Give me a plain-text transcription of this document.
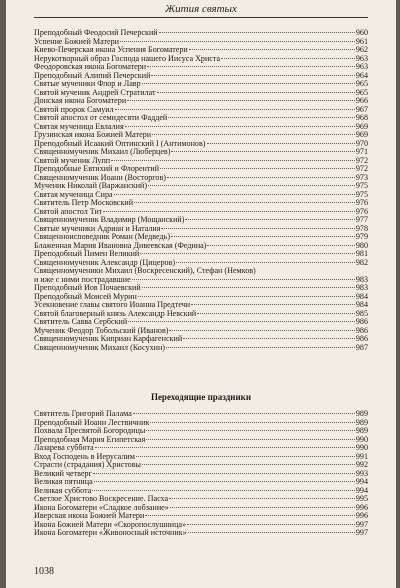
Жития святых
Преподобный Феодосий Печерский	960
Успение Божией Матери	961
Киево-Печерская икона Успения Богоматери	962
Нерукотворный образ Господа нашего Иисуса Христа	963
Феодоровская икона Богоматери	963
Преподобный Алипий Печерский	964
Святые мученики Флор и Лавр	965
Святой мученик Андрей Стратилат	965
Донская икона Богоматери	966
Святой пророк Самуил	967
Святой апостол от семидесяти Фаддей	968
Святая мученица Евлалия	969
Грузинская икона Божией Матери	969
Преподобный Исаакий Оптинский I (Антимонов)	970
Священномученик Михаил (Люберцев)	971
Святой мученик Лупп	972
Преподобные Евтихий и Флорентий	972
Священномученик Иоанн (Восторгов)	973
Мученик Николай (Варжанский)	975
Святая мученица Сира	975
Святитель Петр Московский	976
Святой апостол Тит	976
Священномученик Владимир (Мощанский)	977
Святые мученики Адриан и Наталия	978
Священноисповедник Роман (Медведь)	979
Блаженная Мария Ивановна Дивеевская (Федина)	980
Преподобный Пимен Великий	981
Священномученик Александр (Цицеров)	982
Священномученики Михаил (Воскресенский), Стефан (Немков)
и иже с ними пострадавшие	983
Преподобный Иов Почаевский	983
Преподобный Моисей Мурин	984
Усекновение главы святого Иоанна Предтечи	984
Святой благоверный князь Александр Невский	985
Святитель Савва Сербский	986
Мученик Феодор Тобольский (Иванов)	986
Священномученик Киприан Карфагенский	986
Священномученик Михаил (Косухин)	987
Переходящие праздники
Святитель Григорий Палама	989
Преподобный Иоанн Лествичник	989
Похвала Пресвятой Богородицы	989
Преподобная Мария Египетская	990
Лазарева суббота	990
Вход Господень в Иерусалим	991
Страсти (страдания) Христовы	992
Великий четверг	993
Великая пятница	994
Великая суббота	994
Светлое Христово Воскресение. Пасха	995
Икона Богоматери «Сладкое лобзание»	996
Иверская икона Божией Матери	996
Икона Божией Матери «Скоропослушница»	997
Икона Богоматери «Живоносный источник»	997
1038
